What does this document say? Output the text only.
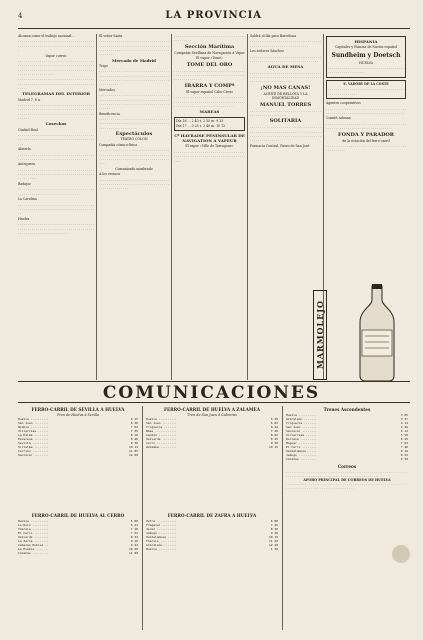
4	LA PROVINCIA

Alcanza como el trabajo nacional...

. . . . . . . . . . . . . . . . . . . . . . . . . . . . . . . . . . . . . . . . . . . . . . . . . . . . . . . . . . . . . . . . . . . . . . . . . . . . .

Vapor correo

. . . . . . . . . . . . . . . . . . . . . . . . . . . . . . . . . . . . . . . . . . . . . . . . . . . . . . . . . . . . . . . . . . . . . . . . . . . . . . . . . . . . . . . . . . . . . . . . . . . . . . . . . . . . . . . . . . . . . . . . . . . . . . . . . . . .

. . . . . . . . . . . . . . . . . . . . . . . . . . . . . . . . . . . . . . . . . . . . . . . . . . . . . . . . . . . . . . . . . . . . . . . . . . . . . . . . .

TELEGRAMAS DEL INTERIOR

Madrid 7, 8 n.

. . . . . . . . . . . . . . . . . . . . . . . . . . . . . . . . . . . . . . . . . . . . . . . . . . . . . . . . . . . . . . . . . . . . . . . . . . . . . . . . . . . . . . . . . . . . . . . . . . . . . . . . . . . . . . . . . . . . . . . .

Cosechas

Ciudad-Real

. . . . . . . . . . . . . . . . . . . . . . . . . . . . . . . . . . . . . . . . . . . . . . . . . . . . . . . . . . . . . . . . . . . . . . . . . . . . . . .

Almería

. . . . . . . . . . . . . . . . . . . . . . . . . . . . . . . . . . . . . . . . . . . . . . . . . . . . . . . . . . . . . . . . . . . . . . . . .

Antequera

. . . . . . . . . . . . . . . . . . . . . . . . . . . . . . . . . . . . . . . . . . . . . . . . . . . . . . . . . . . . . . . . . . . . . . . . . . . . . . . . . . . . . .

Badajoz

. . . . . . . . . . . . . . . . . . . . . . . . . . . . . . . . . . . . . . . . . . . . . . . . . . . . . . . . . . . . . . . . . . . . .

La Carolina

. . . . . . . . . . . . . . . . . . . . . . . . . . . . . . . . . . . . . . . . . . . . . . . . . . . . . . . . . . . . . . . . . . . . . . . . . . . . . .

Huelva

. . . . . . . . . . . . . . . . . . . . . . . . . . . . . . . . . . . . . . . . . . . . . . . . . . . . . . . . . . . . . . . . . . . . . . . . . . . . . . . . . . . . . . . . . . . . . . . . . . . . .

El señor Sainz

. . . . . . . . . . . . . . . . . . . . . . . . . . . . . . . . . . . . . . . . . . . . . . . . . . . . . . . . . . . . . . . . . . . . . . . . . . . . . . . . . . . . . . . . . . . . . . . . . . . . . . . . . . . . . . . . .

Mercado de Madrid

Trigo

. . . . . . . . . . . . . . . . . . . . . . . . . . . . . . . . . . . . . . . . . . . . . . . . . . . . . . . . . . . . . . . . . . . . . . . . . . . . . . . . . . . . . . . . . . . . . . . . . . . . . . . . . . . . . . . . . . .

Mercados

. . . . . . . . . . . . . . . . . . . . . . . . . . . . . . . . . . . . . . . . . . . . . . . . . . . . . . . . . . . . . . . . . . . . . . . . . . . . . . . . . . . . . . . . . . . . . . . . . . . . . . . . . . . . . . .

Beneficencia

. . . . . . . . . . . . . . . . . . . . . . . . . . . . . . . . . . . . . . . . . . . . . . . . . . . . . . . . . . . . . . . . . . . . . . . . . . . . . . . . . . . . . . . . .

Espectáculos

TEATRO COLON

Compañía cómico-lírica

. . . . . . . . . . . . . . . . . . . . . . . . . . . . . . . . . . . . . . . . . . . . . . . . . . . . . . . . . . . . . . . . . . . . . . . . . . . . . . . . . . . . . . . . . . . . . . . . . . . . . . . . . . . . .

Comunicado nombrado

A los vecinos

. . . . . . . . . . . . . . . . . . . . . . . . . . . . . . . . . . . . . . . . . . . . . . . . . . . . . . . . . . . . . . . . . . . . . . . . . . . . . . . . . . . . .

. . . . . . . . . . . . . . . . . . . . . . . . . . . . . . . . . . . . . . . . . . . .

Sección Marítima

Compañía Sevillana de Navegación á Vapor

El vapor «Tomé»

TOME DEL ORO

. . . . . . . . . . . . . . . . . . . . . . . . . . . . . . . . . . . . . . . . . . . . . . . . . . . . . . . . . . . . . . . . . . . . . . . . . . . . . . . . . . . .

IBARRA Y COMPª

El vapor español Cabo Creus

. . . . . . . . . . . . . . . . . . . . . . . . . . . . . . . . . . . . . . . . . . . . . . . . . . . . . . . . . . . . . . . . . . . . . . . . . . . . . . . . . . . . . . . . . . . . . . . . . . . .

MAREAS

Día 16 ... 2 43 t. 2 55 m. 9 35

Día 17 ... 3 25 t. 3 40 m. 10 12

Cª HAVRAISE PENINSULAR DE NAVIGATION A VAPEUR

El vapor «Ville de Tarragone»

. . . . . . . . . . . . . . . . . . . . . . . . . . . . . . . . . . . . . . . . . . . . . . . . . . . . . . . . . . . . . . . . . . . . . . . . . .

Saldrá el día para Barcelona

. . . . . . . . . . . . . . . . . . . . . . . . . . . . . . . . . . . . . . . . . . . . . . . . . . . . . . . . . . . . . . . .

Los señores Sánchez

. . . . . . . . . . . . . . . . . . . . . . . . . . . . . . . . . . . . . . . . . . . . . . . . . . . . . . . . . . . . . . . . . . . . .

AGUA DE MESA

. . . . . . . . . . . . . . . . . . . . . . . . . . . . . . . . . . . . . . . . . . . . . . . . . . . . . . . . . . . . . . . . . . . . . . . . . . . . . . . . . . . . . . . . . . . .

¡NO MAS CANAS!

ACEITE DE BELLOTA Y LA INMORTALIDAD

MANUEL TORRES

. . . . . . . . . . . . . . . . . . . . . . . . . . . . . . . . . . . . . . . . . . . . . . . . . . . . .

SOLITARIA

. . . . . . . . . . . . . . . . . . . . . . . . . . . . . . . . . . . . . . . . . . . . . . . . . . . . . . . . . . . . . . . . . . . . . . . . . . . . . . . . . . . . . . . . . . . . . . . . . . . . . . . . . . . . . . . . . . . . . . . .

Farmacia Central, Paseo de San José

HISPANIA

Capitales y Fianzas de Navíos español

Sundheim y Doetsch

HUELVA

. . . . . . . . . . . . . . . . . . . . . . . . . . . . . . . . . . . . . . . . . . . . . . . . . . . . . . . .

E. VADORY DE LA COSTE

. . . . . . . . . . . . . . . . . . . . . . . . . . . . . . . . . . . . . . . . . . . . . . . . . . . . .

Agentes cooperativos

. . . . . . . . . . . . . . . . . . . . . . . . . . . . . . . . . . . . . . . . . . . . . . . . . . . . . . . . . . . . . . . . . . . . . . . . . . . . . .

Comité Aduana

. . . . . . . . . . . . . . . . . . . . . . . . . . . . . . . . . . . . . . . . . . . . . . . . . . . . . . . . . . . . . . . . . . . . . . . .

FONDA Y PARADOR

de la estación del ferro-carril

. . . . . . . . . . . . . . . . . . . . . . . . . . . . . . . . . . . . . . . . . . . . . . . . .

MARMOLEJO
COMUNICACIONES
FERRO-CARRIL DE SEVILLA A HUELVA
Tren de Huelva á Sevilla
Huelva ..........	6 15
San Juan ........	6 30
Niebla ..........	7 02
Villarrasa ......	7 35
La Palma ........	8 10
Escacena ........	8 46
Sevilla .........	9 30
Villalba ........	10 12
Carrión .........	11 05
Sanlúcar ........	12 00
FERRO-CARRIL DE HUELVA AL CERRO
Huelva ..........	5 00
La Ruiz .........	6 41
Tharsis .........	7 10
El Cerro ........	7 52
Valverde ........	8 33
La Zarza ........	9 10
Cabezas Rubias ..	9 44
La Puebla .......	10 20
Calañas .........	11 00
FERRO-CARRIL DE HUELVA A ZALAMEA
Tren de San Juan á Cabreras
Huelva ..........	5 30
San Juan ........	6 02
Trigueros .......	6 44
Beas ............	7 20
Candón ..........	8 02
Valverde ........	8 45
Cerro ...........	9 30
Zalamea .........	10 15
FERRO-CARRIL DE ZAFRA A HUELVA
Zafra ...........	6 00
Fregenal ........	7 45
Jerez ...........	8 30
Jabugo ..........	9 20
Valdelamusa .....	10 15
Tharsis .........	11 20
Gibraleón .......	12 40
Huelva ..........	1 30
Trenes Ascendentes
Huelva ..........	3 05
Gibraleón .......	3 37
Trigueros .......	4 14
San Juan ........	4 46
Sanlúcar ........	5 12
Villarrasa ......	5 50
Rociana .........	6 25
Moguer ..........	7 03
El Cerro ........	7 40
Valdelamusa .....	8 16
Jabugo ..........	8 52
Calañas .........	9 30
Correos

. . . . . . . . . . . . . . . . . . . . . . . . . . . . . . . . . . . . . . . . . . . . . . . . . . . . . . . . . . . . . . . . . . . . . . . . . . . . . . . . . . . . . . . . . . . . . . . . . . . . . . . . . . . . . . . . .

AFORO PRINCIPAL DE CORREOS DE HUELVA

. . . . . . . . . . . . . . . . . . . . . . . . . . . . . . . . . . . . . . . . . . . . . . . . . . . . . . . . . . . . . . . . . . . . . . . . . . . . . . . . . . . . . . . . . . . . . . . . . . . .
